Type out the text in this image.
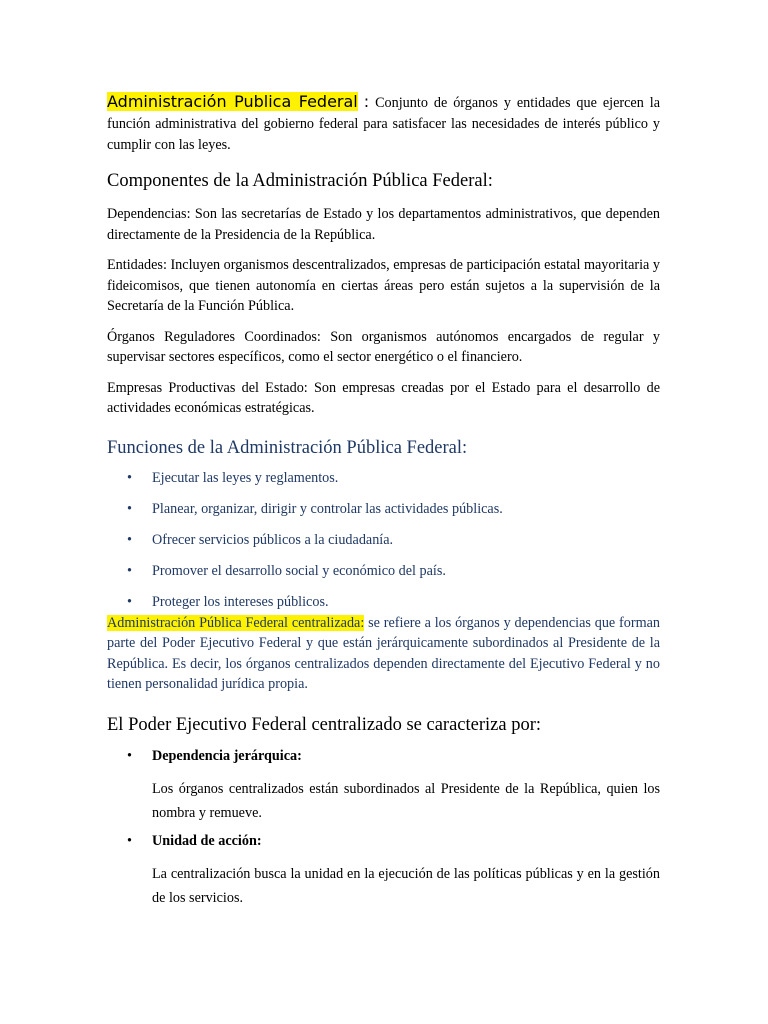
Administración Publica Federal : Conjunto de órganos y entidades que ejercen la función administrativa del gobierno federal para satisfacer las necesidades de interés público y cumplir con las leyes.

Componentes de la Administración Pública Federal:

Dependencias: Son las secretarías de Estado y los departamentos administrativos, que dependen directamente de la Presidencia de la República.

Entidades: Incluyen organismos descentralizados, empresas de participación estatal mayoritaria y fideicomisos, que tienen autonomía en ciertas áreas pero están sujetos a la supervisión de la Secretaría de la Función Pública.

Órganos Reguladores Coordinados: Son organismos autónomos encargados de regular y supervisar sectores específicos, como el sector energético o el financiero.

Empresas Productivas del Estado: Son empresas creadas por el Estado para el desarrollo de actividades económicas estratégicas.

Funciones de la Administración Pública Federal:

• Ejecutar las leyes y reglamentos.
• Planear, organizar, dirigir y controlar las actividades públicas.
• Ofrecer servicios públicos a la ciudadanía.
• Promover el desarrollo social y económico del país.
• Proteger los intereses públicos.

Administración Pública Federal centralizada: se refiere a los órganos y dependencias que forman parte del Poder Ejecutivo Federal y que están jerárquicamente subordinados al Presidente de la República. Es decir, los órganos centralizados dependen directamente del Ejecutivo Federal y no tienen personalidad jurídica propia.

El Poder Ejecutivo Federal centralizado se caracteriza por:

• Dependencia jerárquica:

Los órganos centralizados están subordinados al Presidente de la República, quien los nombra y remueve.

• Unidad de acción:

La centralización busca la unidad en la ejecución de las políticas públicas y en la gestión de los servicios.
